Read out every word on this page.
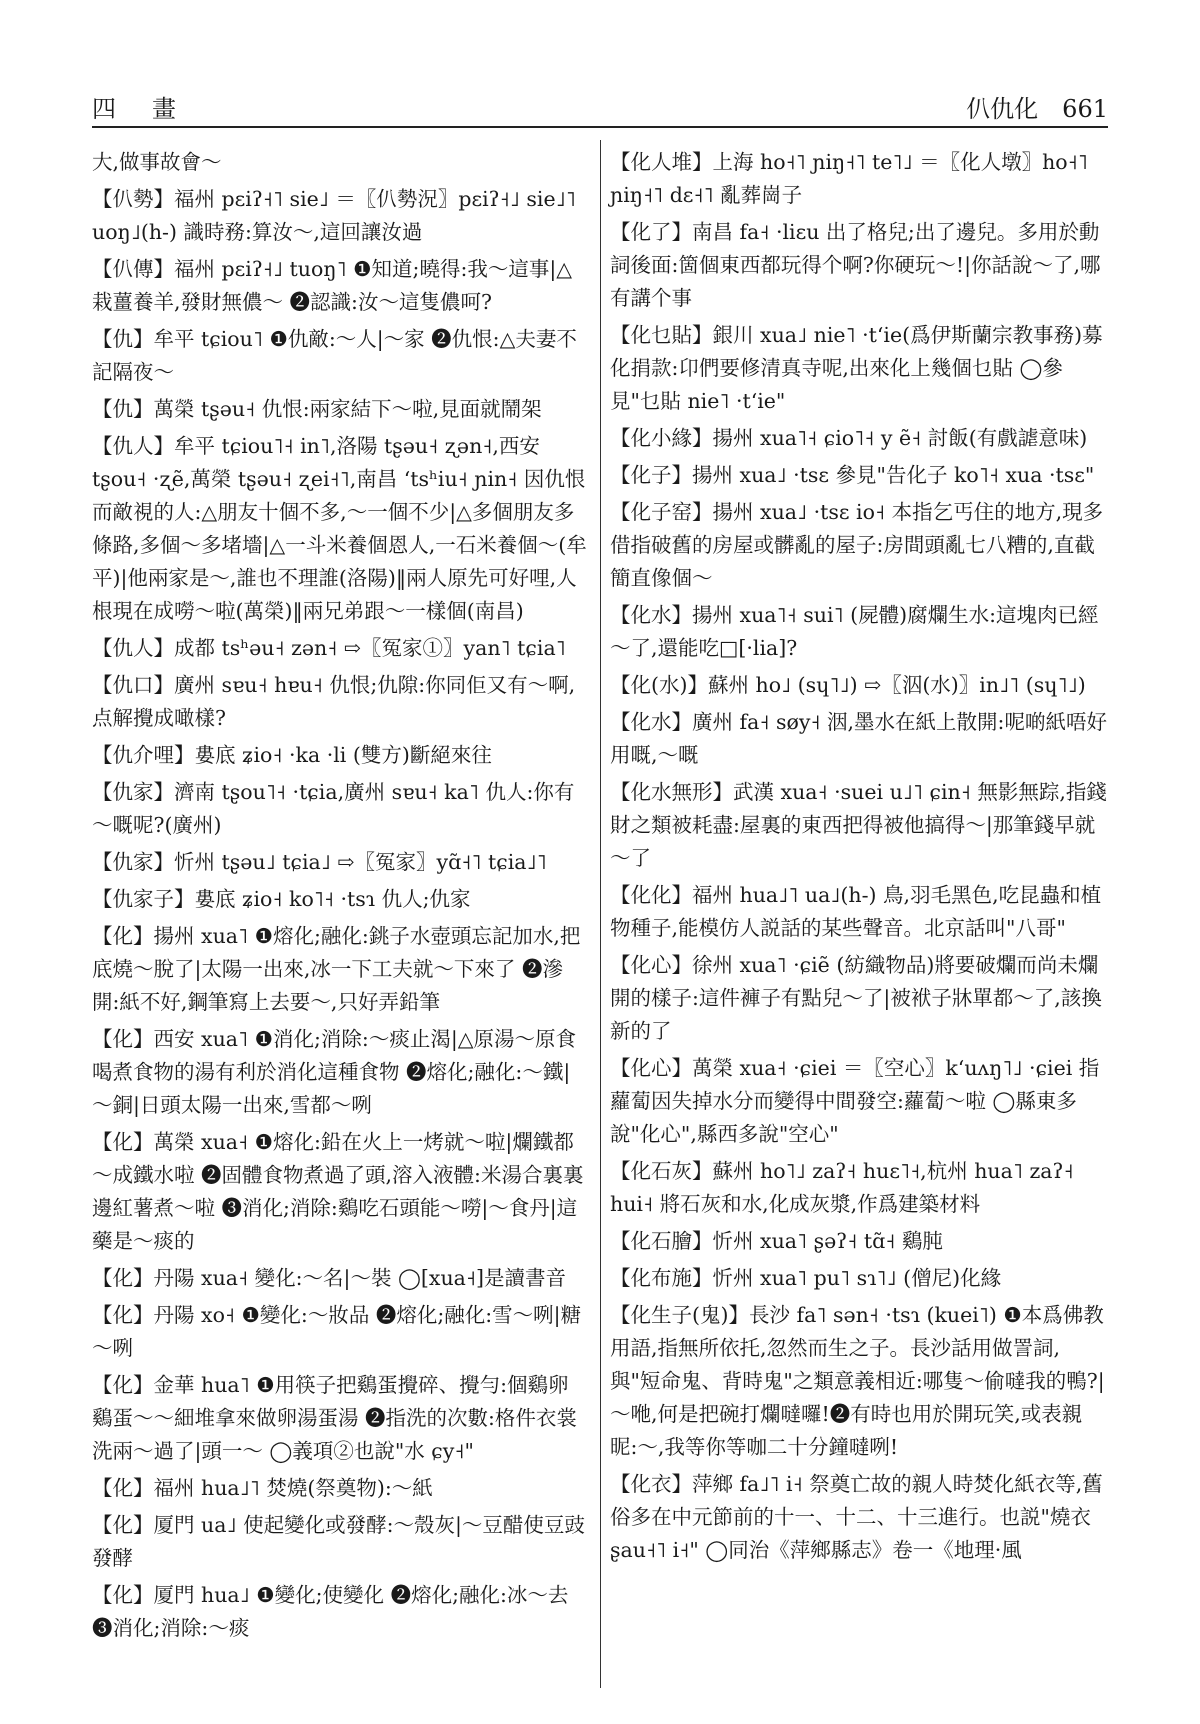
四　畫	仈仇化　661

大,做事故會～

【仈勢】福州 pεiʔ˧˥ sie˩ ＝〖仈勢況〗pεiʔ˧˩ sie˩˥ uoŋ˩(h-) 識時務:算汝～,這回讓汝過

【仈傳】福州 pεiʔ˧˩ tuoŋ˥ ❶知道;曉得:我～這事|△栽薑養羊,發財無儂～ ❷認識:汝～這隻儂呵?

【仇】牟平 tɕiou˥ ❶仇敵:～人|～家 ❷仇恨:△夫妻不記隔夜～

【仇】萬榮 tʂəu˧ 仇恨:兩家結下～啦,見面就鬧架

【仇人】牟平 tɕiou˥˧ in˥,洛陽 tʂəu˧ ʐən˧,西安 tʂou˧ ·ʐẽ,萬榮 tʂəu˧ ʐei˧˥,南昌 ʻtsʰiu˧ ɲin˧ 因仇恨而敵視的人:△朋友十個不多,～一個不少|△多個朋友多條路,多個～多堵墻|△一斗米養個恩人,一石米養個～(牟平)|他兩家是～,誰也不理誰(洛陽)‖兩人原先可好哩,人根現在成嘮～啦(萬榮)‖兩兄弟跟～一樣個(南昌)

【仇人】成都 tsʰəu˧ zən˧ ⇨〖冤家①〗yan˥ tɕia˥

【仇口】廣州 sɐu˧ hɐu˧ 仇恨;仇隙:你同佢又有～啊,点解攪成噉樣?

【仇介哩】婁底 ʑio˧ ·ka ·li (雙方)斷絕來往

【仇家】濟南 tʂou˥˧ ·tɕia,廣州 sɐu˧ ka˥ 仇人:你有～嘅呢?(廣州)

【仇家】忻州 tʂəu˩ tɕia˩ ⇨〖冤家〗yɑ̃˧˥ tɕia˩˥

【仇家子】婁底 ʑio˧ ko˥˧ ·tsɿ 仇人;仇家

【化】揚州 xua˥ ❶熔化;融化:銚子水壺頭忘記加水,把底燒～脫了|太陽一出來,冰一下工夫就～下來了 ❷滲開:紙不好,鋼筆寫上去要～,只好弄鉛筆

【化】西安 xua˥ ❶消化;消除:～痰止渴|△原湯～原食喝煮食物的湯有利於消化這種食物 ❷熔化;融化:～鐵|～銅|日頭太陽一出來,雪都～咧

【化】萬榮 xua˧ ❶熔化:鉛在火上一烤就～啦|爛鐵都～成鐵水啦 ❷固體食物煮過了頭,溶入液體:米湯合裏裏邊紅薯煮～啦 ❸消化;消除:鷄吃石頭能～嘮|～食丹|這藥是～痰的

【化】丹陽 xua˧ 變化:～名|～裝 ◯[xua˧]是讀書音

【化】丹陽 xo˧ ❶變化:～妝品 ❷熔化;融化:雪～咧|糖～咧

【化】金華 hua˥ ❶用筷子把鷄蛋攪碎、攪勻:個鷄卵鷄蛋～～細堆拿來做卵湯蛋湯 ❷指洗的次數:格件衣裳洗兩～過了|頭一～ ◯義項②也說"水 ɕy˧"

【化】福州 hua˩˥ 焚燒(祭奠物):～紙

【化】厦門 ua˩ 使起變化或發酵:～殼灰|～豆醋使豆豉發酵

【化】厦門 hua˩ ❶變化;使變化 ❷熔化;融化:冰～去 ❸消化;消除:～痰

【化人堆】上海 ho˧˥ ɲiŋ˧˥ te˥˩ ＝〖化人墩〗ho˧˥ ɲiŋ˧˥ dɛ˧˥ 亂葬崗子

【化了】南昌 fa˧ ·liɛu 出了格兒;出了邊兒。多用於動詞後面:箇個東西都玩得个啊?你硬玩～!|你話說～了,哪有講个事

【化乜貼】銀川 xua˩ nie˥ ·tʻie(爲伊斯蘭宗教事務)募化捐款:卬們要修清真寺呢,出來化上幾個乜貼 ◯參見"乜貼 nie˥ ·tʻie"

【化小緣】揚州 xua˥˧ ɕio˥˧ y ẽ˧ 討飯(有戲謔意味)

【化子】揚州 xua˩ ·tsɛ 參見"告化子 ko˥˧ xua ·tsɛ"

【化子窑】揚州 xua˩ ·tsɛ io˧ 本指乞丐住的地方,現多借指破舊的房屋或髒亂的屋子:房間頭亂七八糟的,直截簡直像個～

【化水】揚州 xua˥˧ sui˥ (屍體)腐爛生水:這塊肉已經～了,還能吃□[·lia]?

【化(水)】蘇州 ho˩ (sɥ˥˩) ⇨〖泅(水)〗in˩˥ (sɥ˥˩)

【化水】廣州 fa˧ søy˧ 洇,墨水在紙上散開:呢啲紙唔好用嘅,～嘅

【化水無形】武漢 xua˧ ·suei u˩˥ ɕin˧ 無影無踪,指錢財之類被耗盡:屋裏的東西把得被他搞得～|那筆錢早就～了

【化化】福州 hua˩˥ ua˩(h-) 鳥,羽毛黑色,吃昆蟲和植物種子,能模仿人説話的某些聲音。北京話叫"八哥"

【化心】徐州 xua˥ ·ɕiẽ (紡織物品)將要破爛而尚未爛開的樣子:這件褲子有點兒～了|被袱子牀單都～了,該換新的了

【化心】萬榮 xua˧ ·ɕiei ＝〖空心〗kʻuʌŋ˥˩ ·ɕiei 指蘿蔔因失掉水分而變得中間發空:蘿蔔～啦 ◯縣東多說"化心",縣西多說"空心"

【化石灰】蘇州 ho˥˩ zaʔ˧ huɛ˥˧,杭州 hua˥ zaʔ˧ hui˧ 將石灰和水,化成灰漿,作爲建築材料

【化石膾】忻州 xua˥ ʂəʔ˧ tɑ̃˧ 鷄肫

【化布施】忻州 xua˥ pu˥ sɿ˥˩ (僧尼)化緣

【化生子(鬼)】長沙 fa˥ sən˧ ·tsɿ (kuei˥) ❶本爲佛教用語,指無所依托,忽然而生之子。長沙話用做詈詞,與"短命鬼、背時鬼"之類意義相近:哪隻～偷噠我的鴨?|～咃,何是把碗打爛噠囉!❷有時也用於開玩笑,或表親昵:～,我等你等咖二十分鐘噠咧!

【化衣】萍鄉 fa˩˥ i˧ 祭奠亡故的親人時焚化紙衣等,舊俗多在中元節前的十一、十二、十三進行。也説"燒衣 ʂau˧˥ i˧" ◯同治《萍鄉縣志》卷一《地理·風
